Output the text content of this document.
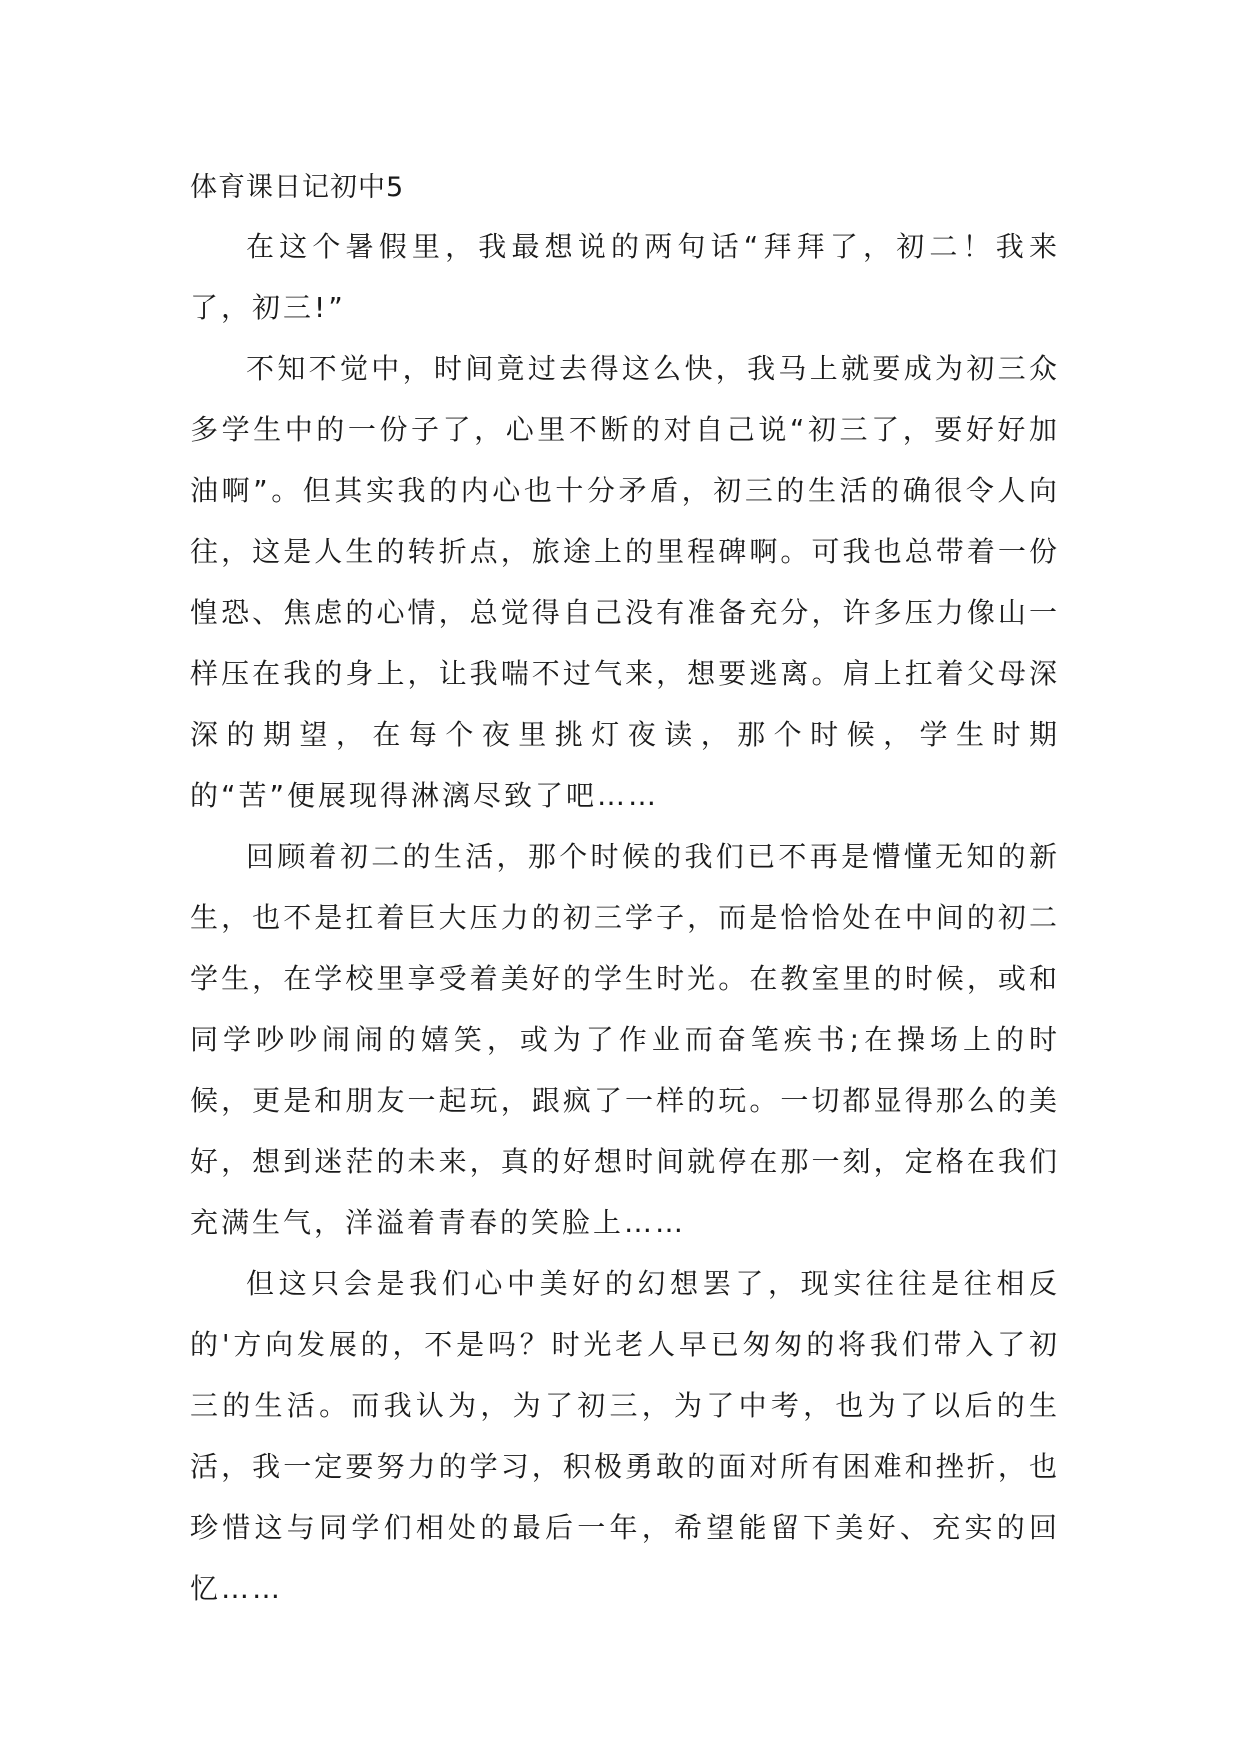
体育课日记初中5

在这个暑假里，我最想说的两句话“拜拜了，初二！我来了，初三!”

不知不觉中，时间竟过去得这么快，我马上就要成为初三众多学生中的一份子了，心里不断的对自己说“初三了，要好好加油啊”。但其实我的内心也十分矛盾，初三的生活的确很令人向往，这是人生的转折点，旅途上的里程碑啊。可我也总带着一份惶恐、焦虑的心情，总觉得自己没有准备充分，许多压力像山一样压在我的身上，让我喘不过气来，想要逃离。肩上扛着父母深深的期望，在每个夜里挑灯夜读，那个时候，学生时期的“苦”便展现得淋漓尽致了吧……

回顾着初二的生活，那个时候的我们已不再是懵懂无知的新生，也不是扛着巨大压力的初三学子，而是恰恰处在中间的初二学生，在学校里享受着美好的学生时光。在教室里的时候，或和同学吵吵闹闹的嬉笑，或为了作业而奋笔疾书;在操场上的时候，更是和朋友一起玩，跟疯了一样的玩。一切都显得那么的美好，想到迷茫的未来，真的好想时间就停在那一刻，定格在我们充满生气，洋溢着青春的笑脸上……

但这只会是我们心中美好的幻想罢了，现实往往是往相反的'方向发展的，不是吗？时光老人早已匆匆的将我们带入了初三的生活。而我认为，为了初三，为了中考，也为了以后的生活，我一定要努力的学习，积极勇敢的面对所有困难和挫折，也珍惜这与同学们相处的最后一年，希望能留下美好、充实的回忆……
